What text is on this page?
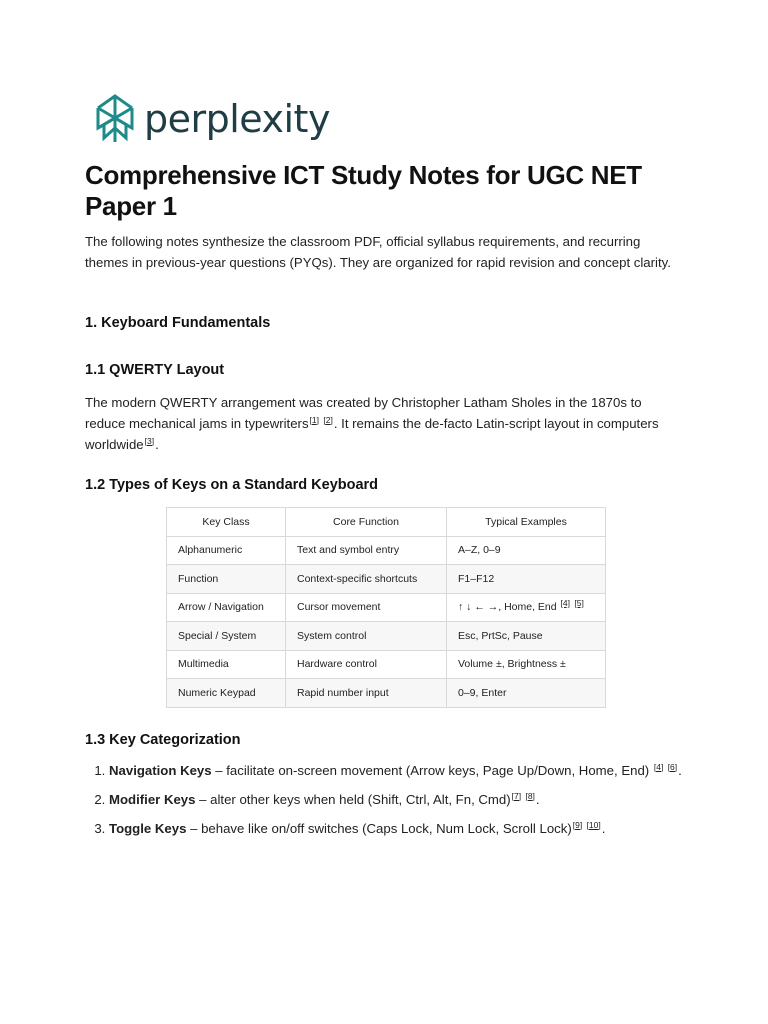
perplexity
Comprehensive ICT Study Notes for UGC NET Paper 1

The following notes synthesize the classroom PDF, official syllabus requirements, and recurring themes in previous-year questions (PYQs). They are organized for rapid revision and concept clarity.

1. Keyboard Fundamentals
1.1 QWERTY Layout

The modern QWERTY arrangement was created by Christopher Latham Sholes in the 1870s to reduce mechanical jams in typewriters[1] [2]. It remains the de-facto Latin-script layout in computers worldwide[3].

1.2 Types of Keys on a Standard Keyboard
Key Class	Core Function	Typical Examples
Alphanumeric	Text and symbol entry	A–Z, 0–9
Function	Context-specific shortcuts	F1–F12
Arrow / Navigation	Cursor movement	↑ ↓ ← →, Home, End [4] [5]
Special / System	System control	Esc, PrtSc, Pause
Multimedia	Hardware control	Volume ±, Brightness ±
Numeric Keypad	Rapid number input	0–9, Enter
1.3 Key Categorization
1. Navigation Keys – facilitate on-screen movement (Arrow keys, Page Up/Down, Home, End) [4] [6].
2. Modifier Keys – alter other keys when held (Shift, Ctrl, Alt, Fn, Cmd)[7] [8].
3. Toggle Keys – behave like on/off switches (Caps Lock, Num Lock, Scroll Lock)[9] [10].
